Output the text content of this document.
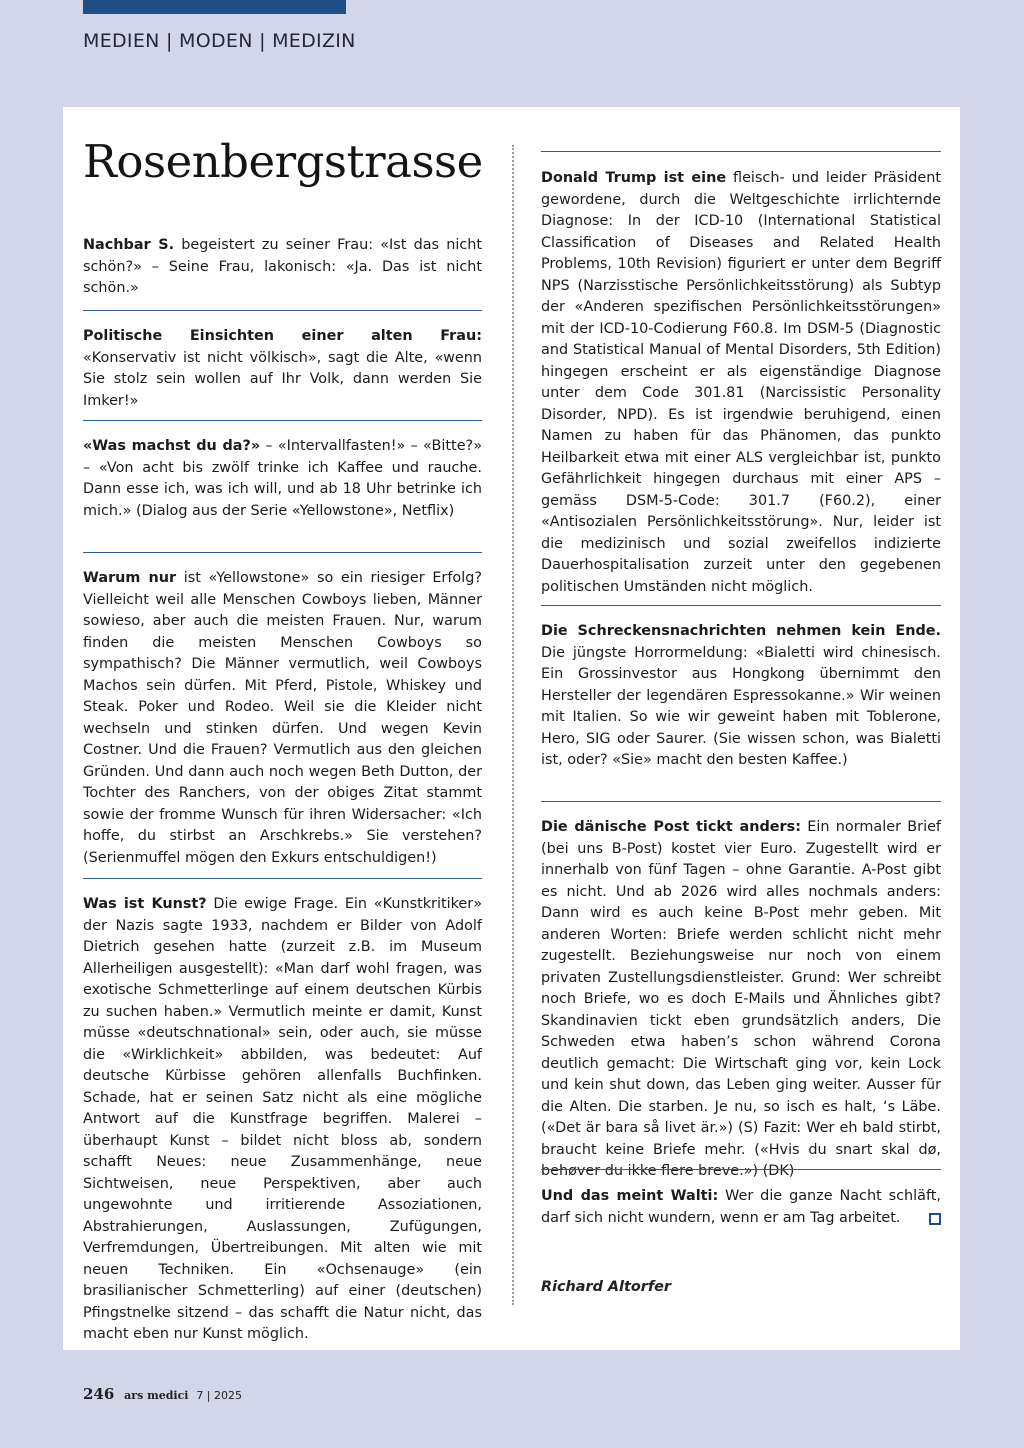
MEDIEN | MODEN | MEDIZIN
Rosenbergstrasse

Nachbar S. begeistert zu seiner Frau: «Ist das nicht schön?» – Seine Frau, lakonisch: «Ja. Das ist nicht schön.»

Politische Einsichten einer alten Frau: «Konservativ ist nicht völkisch», sagt die Alte, «wenn Sie stolz sein wollen auf Ihr Volk, dann werden Sie Imker!»

«Was machst du da?» – «Intervallfasten!» – «Bitte?» – «Von acht bis zwölf trinke ich Kaffee und rauche. Dann esse ich, was ich will, und ab 18 Uhr betrinke ich mich.» (Dialog aus der Serie «Yellowstone», Netflix)

Warum nur ist «Yellowstone» so ein riesiger Erfolg? Vielleicht weil alle Menschen Cowboys lieben, Männer sowieso, aber auch die meisten Frauen. Nur, warum finden die meisten Menschen Cowboys so sympathisch? Die Männer vermutlich, weil Cowboys Machos sein dürfen. Mit Pferd, Pistole, Whiskey und Steak. Poker und Rodeo. Weil sie die Kleider nicht wechseln und stinken dürfen. Und wegen Kevin Costner. Und die Frauen? Vermutlich aus den gleichen Gründen. Und dann auch noch wegen Beth Dutton, der Tochter des Ranchers, von der obiges Zitat stammt sowie der fromme Wunsch für ihren Widersacher: «Ich hoffe, du stirbst an Arschkrebs.» Sie verstehen? (Serienmuffel mögen den Exkurs entschuldigen!)

Was ist Kunst? Die ewige Frage. Ein «Kunstkritiker» der Nazis sagte 1933, nachdem er Bilder von Adolf Dietrich gesehen hatte (zurzeit z.B. im Museum Allerheiligen ausgestellt): «Man darf wohl fragen, was exotische Schmetterlinge auf einem deutschen Kürbis zu suchen haben.» Vermutlich meinte er damit, Kunst müsse «deutschnational» sein, oder auch, sie müsse die «Wirklichkeit» abbilden, was bedeutet: Auf deutsche Kürbisse gehören allenfalls Buchfinken. Schade, hat er seinen Satz nicht als eine mögliche Antwort auf die Kunstfrage begriffen. Malerei – überhaupt Kunst – bildet nicht bloss ab, sondern schafft Neues: neue Zusammenhänge, neue Sichtweisen, neue Perspektiven, aber auch ungewohnte und irritierende Assoziationen, Abstrahierungen, Auslassungen, Zufügungen, Verfremdungen, Übertreibungen. Mit alten wie mit neuen Techniken. Ein «Ochsenauge» (ein brasilianischer Schmetterling) auf einer (deutschen) Pfingstnelke sitzend – das schafft die Natur nicht, das macht eben nur Kunst möglich.

Donald Trump ist eine fleisch- und leider Präsident gewordene, durch die Weltgeschichte irrlichternde Diagnose: In der ICD-10 (International Statistical Classification of Diseases and Related Health Problems, 10th Revision) figuriert er unter dem Begriff NPS (Narzisstische Persönlichkeitsstörung) als Subtyp der «Anderen spezifischen Persönlichkeitsstörungen» mit der ICD-10-Codierung F60.8. Im DSM-5 (Diagnostic and Statistical Manual of Mental Disorders, 5th Edition) hingegen erscheint er als eigenständige Diagnose unter dem Code 301.81 (Narcissistic Personality Disorder, NPD). Es ist irgendwie beruhigend, einen Namen zu haben für das Phänomen, das punkto Heilbarkeit etwa mit einer ALS vergleichbar ist, punkto Gefährlichkeit hingegen durchaus mit einer APS – gemäss DSM-5-Code: 301.7 (F60.2), einer «Antisozialen Persönlichkeitsstörung». Nur, leider ist die medizinisch und sozial zweifellos indizierte Dauerhospitalisation zurzeit unter den gegebenen politischen Umständen nicht möglich.

Die Schreckensnachrichten nehmen kein Ende. Die jüngste Horrormeldung: «Bialetti wird chinesisch. Ein Grossinvestor aus Hongkong übernimmt den Hersteller der legendären Espressokanne.» Wir weinen mit Italien. So wie wir geweint haben mit Toblerone, Hero, SIG oder Saurer. (Sie wissen schon, was Bialetti ist, oder? «Sie» macht den besten Kaffee.)

Die dänische Post tickt anders: Ein normaler Brief (bei uns B-Post) kostet vier Euro. Zugestellt wird er innerhalb von fünf Tagen – ohne Garantie. A-Post gibt es nicht. Und ab 2026 wird alles nochmals anders: Dann wird es auch keine B-Post mehr geben. Mit anderen Worten: Briefe werden schlicht nicht mehr zugestellt. Beziehungsweise nur noch von einem privaten Zustellungsdienstleister. Grund: Wer schreibt noch Briefe, wo es doch E-Mails und Ähnliches gibt? Skandinavien tickt eben grundsätzlich anders, Die Schweden etwa haben’s schon während Corona deutlich gemacht: Die Wirtschaft ging vor, kein Lock und kein shut down, das Leben ging weiter. Ausser für die Alten. Die starben. Je nu, so isch es halt, ‘s Läbe. («Det är bara så livet är.») (S) Fazit: Wer eh bald stirbt, braucht keine Briefe mehr. («Hvis du snart skal dø, behøver du ikke flere breve.») (DK)

Und das meint Walti: Wer die ganze Nacht schläft, darf sich nicht wundern, wenn er am Tag arbeitet.

Richard Altorfer
246 ars medici 7 | 2025
